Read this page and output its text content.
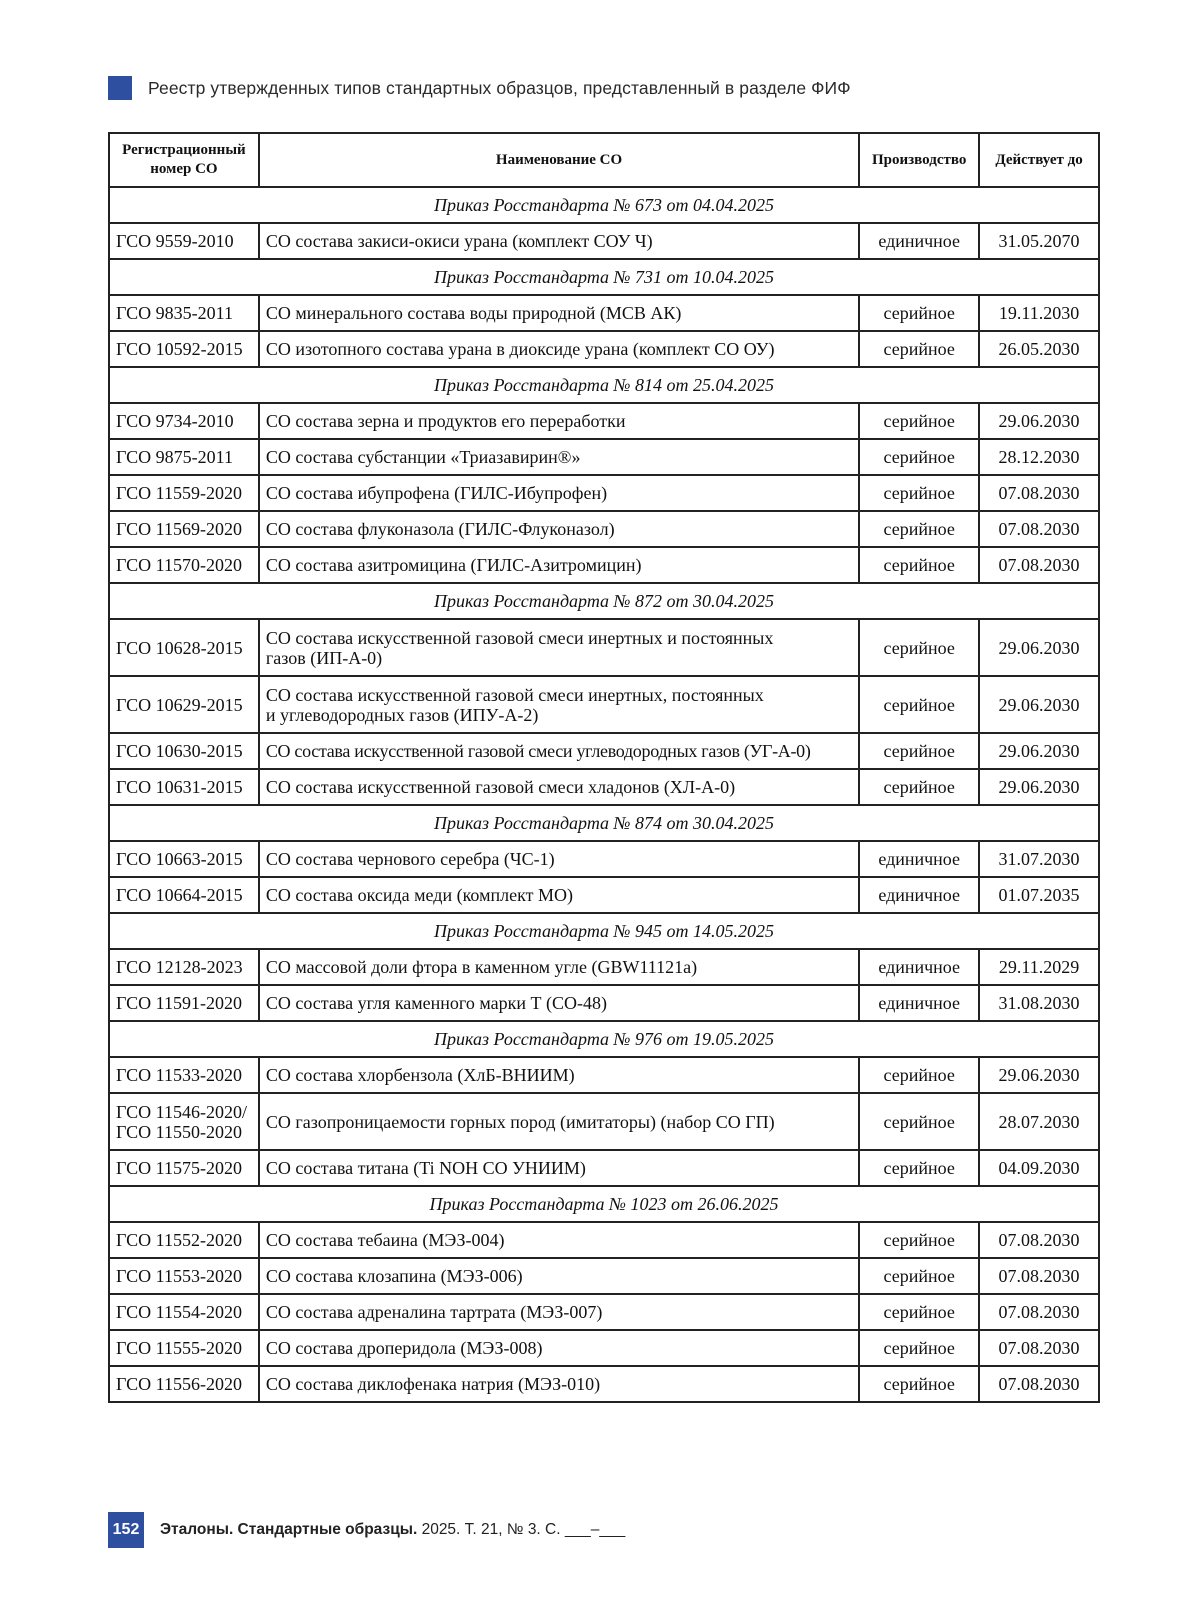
Реестр утвержденных типов стандартных образцов, представленный в разделе ФИФ
Регистрационный номер СО	Наименование СО	Производство	Действует до
Приказ Росстандарта № 673 от 04.04.2025			
ГСО 9559-2010	СО состава закиси-окиси урана (комплект СОУ Ч)	единичное	31.05.2070
Приказ Росстандарта № 731 от 10.04.2025			
ГСО 9835-2011	СО минерального состава воды природной (МСВ АК)	серийное	19.11.2030
ГСО 10592-2015	СО изотопного состава урана в диоксиде урана (комплект СО ОУ)	серийное	26.05.2030
Приказ Росстандарта № 814 от 25.04.2025			
ГСО 9734-2010	СО состава зерна и продуктов его переработки	серийное	29.06.2030
ГСО 9875-2011	СО состава субстанции «Триазавирин®»	серийное	28.12.2030
ГСО 11559-2020	СО состава ибупрофена (ГИЛС-Ибупрофен)	серийное	07.08.2030
ГСО 11569-2020	СО состава флуконазола (ГИЛС-Флуконазол)	серийное	07.08.2030
ГСО 11570-2020	СО состава азитромицина (ГИЛС-Азитромицин)	серийное	07.08.2030
Приказ Росстандарта № 872 от 30.04.2025			
ГСО 10628-2015	СО состава искусственной газовой смеси инертных и постоянных
газов (ИП-А-0)	серийное	29.06.2030
ГСО 10629-2015	СО состава искусственной газовой смеси инертных, постоянных
и углеводородных газов (ИПУ-А-2)	серийное	29.06.2030
ГСО 10630-2015	СО состава искусственной газовой смеси углеводородных газов (УГ-А-0)	серийное	29.06.2030
ГСО 10631-2015	СО состава искусственной газовой смеси хладонов (ХЛ-А-0)	серийное	29.06.2030
Приказ Росстандарта № 874 от 30.04.2025			
ГСО 10663-2015	СО состава чернового серебра (ЧС-1)	единичное	31.07.2030
ГСО 10664-2015	СО состава оксида меди (комплект МО)	единичное	01.07.2035
Приказ Росстандарта № 945 от 14.05.2025			
ГСО 12128-2023	СО массовой доли фтора в каменном угле (GBW11121a)	единичное	29.11.2029
ГСО 11591-2020	СО состава угля каменного марки Т (СО-48)	единичное	31.08.2030
Приказ Росстандарта № 976 от 19.05.2025			
ГСО 11533-2020	СО состава хлорбензола (ХлБ-ВНИИМ)	серийное	29.06.2030
ГСО 11546-2020/
ГСО 11550-2020	СО газопроницаемости горных пород (имитаторы) (набор СО ГП)	серийное	28.07.2030
ГСО 11575-2020	СО состава титана (Ti NOH СО УНИИМ)	серийное	04.09.2030
Приказ Росстандарта № 1023 от 26.06.2025			
ГСО 11552-2020	СО состава тебаина (МЭЗ-004)	серийное	07.08.2030
ГСО 11553-2020	СО состава клозапина (МЭЗ-006)	серийное	07.08.2030
ГСО 11554-2020	СО состава адреналина тартрата (МЭЗ-007)	серийное	07.08.2030
ГСО 11555-2020	СО состава дроперидола (МЭЗ-008)	серийное	07.08.2030
ГСО 11556-2020	СО состава диклофенака натрия (МЭЗ-010)	серийное	07.08.2030
152	Эталоны. Стандартные образцы. 2025. Т. 21, № 3. С. ___–___
